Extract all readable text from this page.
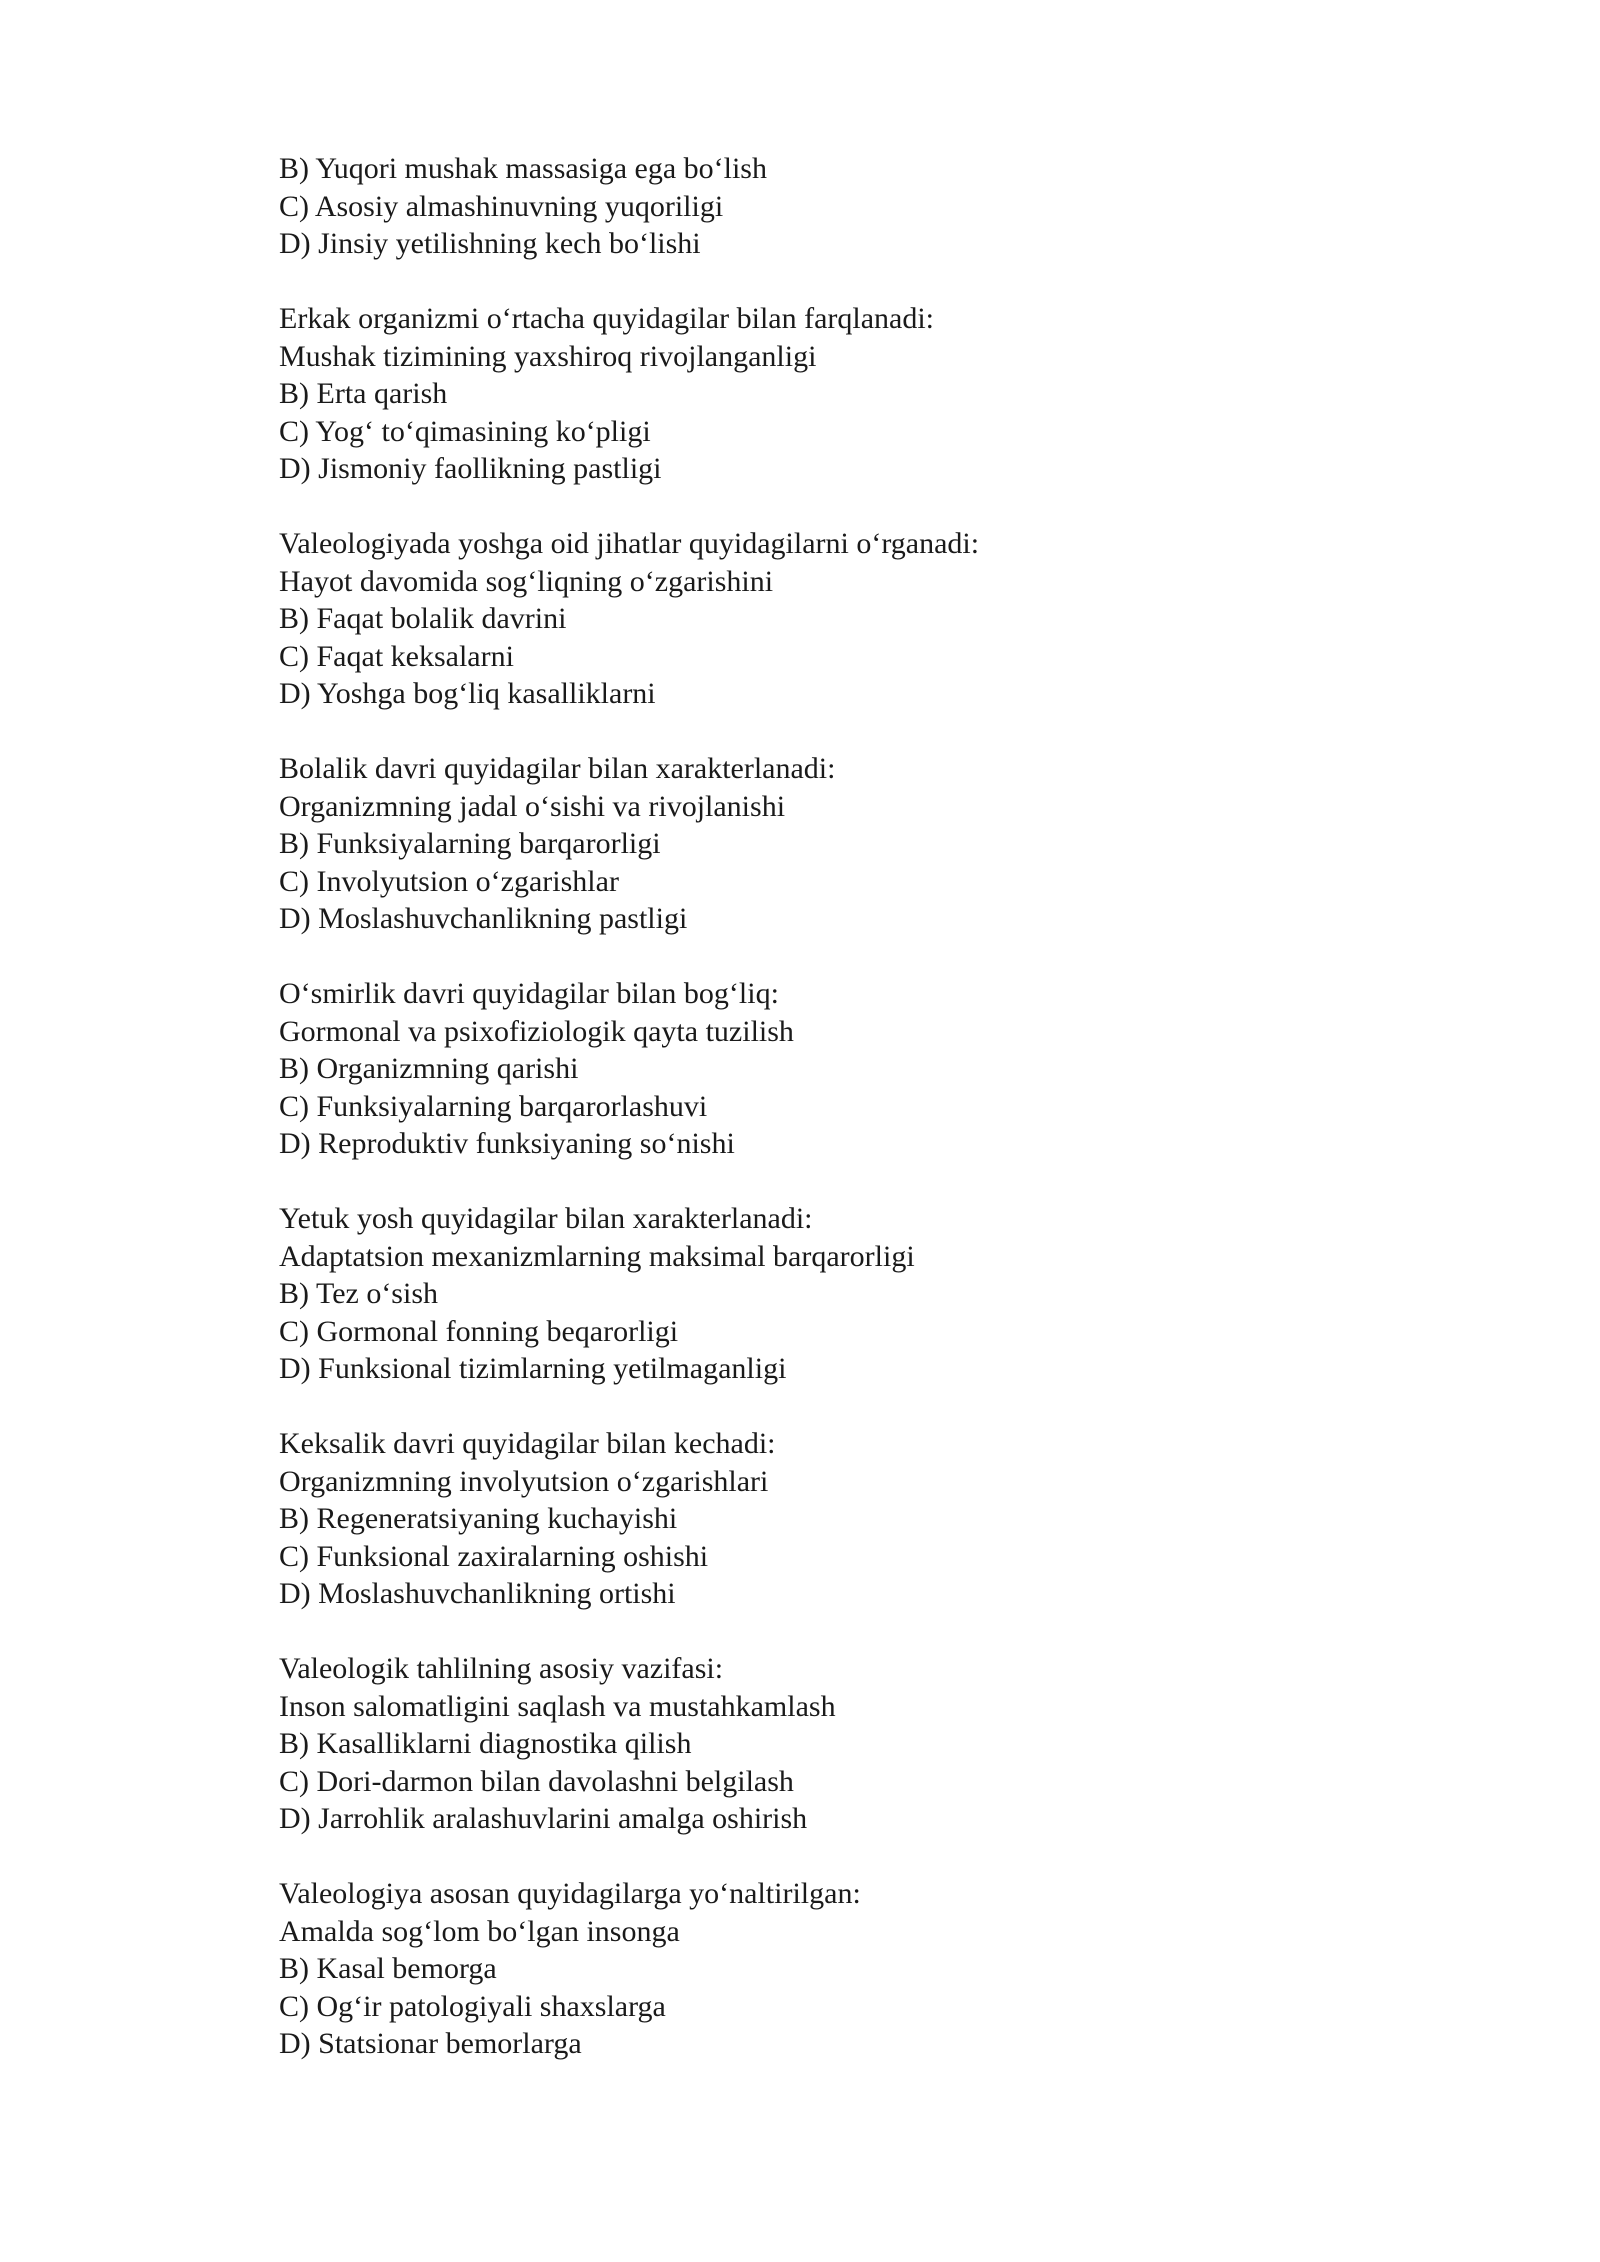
B) Yuqori mushak massasiga ega bo‘lish
C) Asosiy almashinuvning yuqoriligi
D) Jinsiy yetilishning kech bo‘lishi
Erkak organizmi o‘rtacha quyidagilar bilan farqlanadi:
Mushak tizimining yaxshiroq rivojlanganligi
B) Erta qarish
C) Yog‘ to‘qimasining ko‘pligi
D) Jismoniy faollikning pastligi
Valeologiyada yoshga oid jihatlar quyidagilarni o‘rganadi:
Hayot davomida sog‘liqning o‘zgarishini
B) Faqat bolalik davrini
C) Faqat keksalarni
D) Yoshga bog‘liq kasalliklarni
Bolalik davri quyidagilar bilan xarakterlanadi:
Organizmning jadal o‘sishi va rivojlanishi
B) Funksiyalarning barqarorligi
C) Involyutsion o‘zgarishlar
D) Moslashuvchanlikning pastligi
O‘smirlik davri quyidagilar bilan bog‘liq:
Gormonal va psixofiziologik qayta tuzilish
B) Organizmning qarishi
C) Funksiyalarning barqarorlashuvi
D) Reproduktiv funksiyaning so‘nishi
Yetuk yosh quyidagilar bilan xarakterlanadi:
Adaptatsion mexanizmlarning maksimal barqarorligi
B) Tez o‘sish
C) Gormonal fonning beqarorligi
D) Funksional tizimlarning yetilmaganligi
Keksalik davri quyidagilar bilan kechadi:
Organizmning involyutsion o‘zgarishlari
B) Regeneratsiyaning kuchayishi
C) Funksional zaxiralarning oshishi
D) Moslashuvchanlikning ortishi
Valeologik tahlilning asosiy vazifasi:
Inson salomatligini saqlash va mustahkamlash
B) Kasalliklarni diagnostika qilish
C) Dori-darmon bilan davolashni belgilash
D) Jarrohlik aralashuvlarini amalga oshirish
Valeologiya asosan quyidagilarga yo‘naltirilgan:
Amalda sog‘lom bo‘lgan insonga
B) Kasal bemorga
C) Og‘ir patologiyali shaxslarga
D) Statsionar bemorlarga
